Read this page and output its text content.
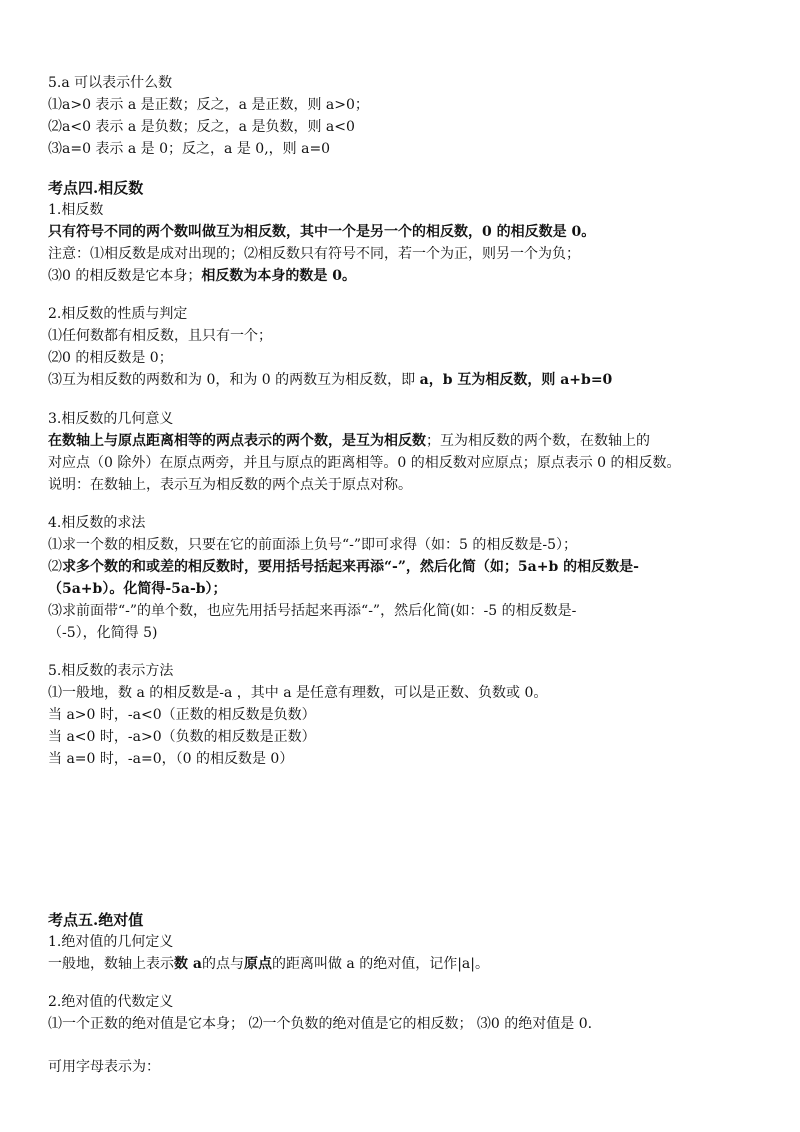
5.a 可以表示什么数
⑴a>0 表示 a 是正数；反之，a 是正数，则 a>0；
⑵a<0 表示 a 是负数；反之，a 是负数，则 a<0
⑶a=0 表示 a 是 0；反之，a 是 0,，则 a=0
考点四.相反数
1.相反数
只有符号不同的两个数叫做互为相反数，其中一个是另一个的相反数，0 的相反数是 0。
注意：⑴相反数是成对出现的；⑵相反数只有符号不同，若一个为正，则另一个为负；
⑶0 的相反数是它本身；相反数为本身的数是 0。
2.相反数的性质与判定
⑴任何数都有相反数，且只有一个；
⑵0 的相反数是 0；
⑶互为相反数的两数和为 0，和为 0 的两数互为相反数，即 a，b 互为相反数，则 a+b=0
3.相反数的几何意义
在数轴上与原点距离相等的两点表示的两个数，是互为相反数；互为相反数的两个数，在数轴上的
对应点（0 除外）在原点两旁，并且与原点的距离相等。0 的相反数对应原点；原点表示 0 的相反数。
说明：在数轴上，表示互为相反数的两个点关于原点对称。
4.相反数的求法
⑴求一个数的相反数，只要在它的前面添上负号“-”即可求得（如：5 的相反数是-5）；
⑵求多个数的和或差的相反数时，要用括号括起来再添“-”，然后化简（如；5a+b 的相反数是-
（5a+b）。化简得-5a-b）；
⑶求前面带“-”的单个数，也应先用括号括起来再添“-”，然后化简(如：-5 的相反数是-
（-5），化简得 5)
5.相反数的表示方法
⑴一般地，数 a 的相反数是-a ，其中 a 是任意有理数，可以是正数、负数或 0。
当 a>0 时，-a<0（正数的相反数是负数）
当 a<0 时，-a>0（负数的相反数是正数）
当 a=0 时，-a=0，（0 的相反数是 0）
考点五.绝对值
1.绝对值的几何定义
一般地，数轴上表示数 a的点与原点的距离叫做 a 的绝对值，记作|a|。
2.绝对值的代数定义
⑴一个正数的绝对值是它本身； ⑵一个负数的绝对值是它的相反数； ⑶0 的绝对值是 0.
可用字母表示为：
